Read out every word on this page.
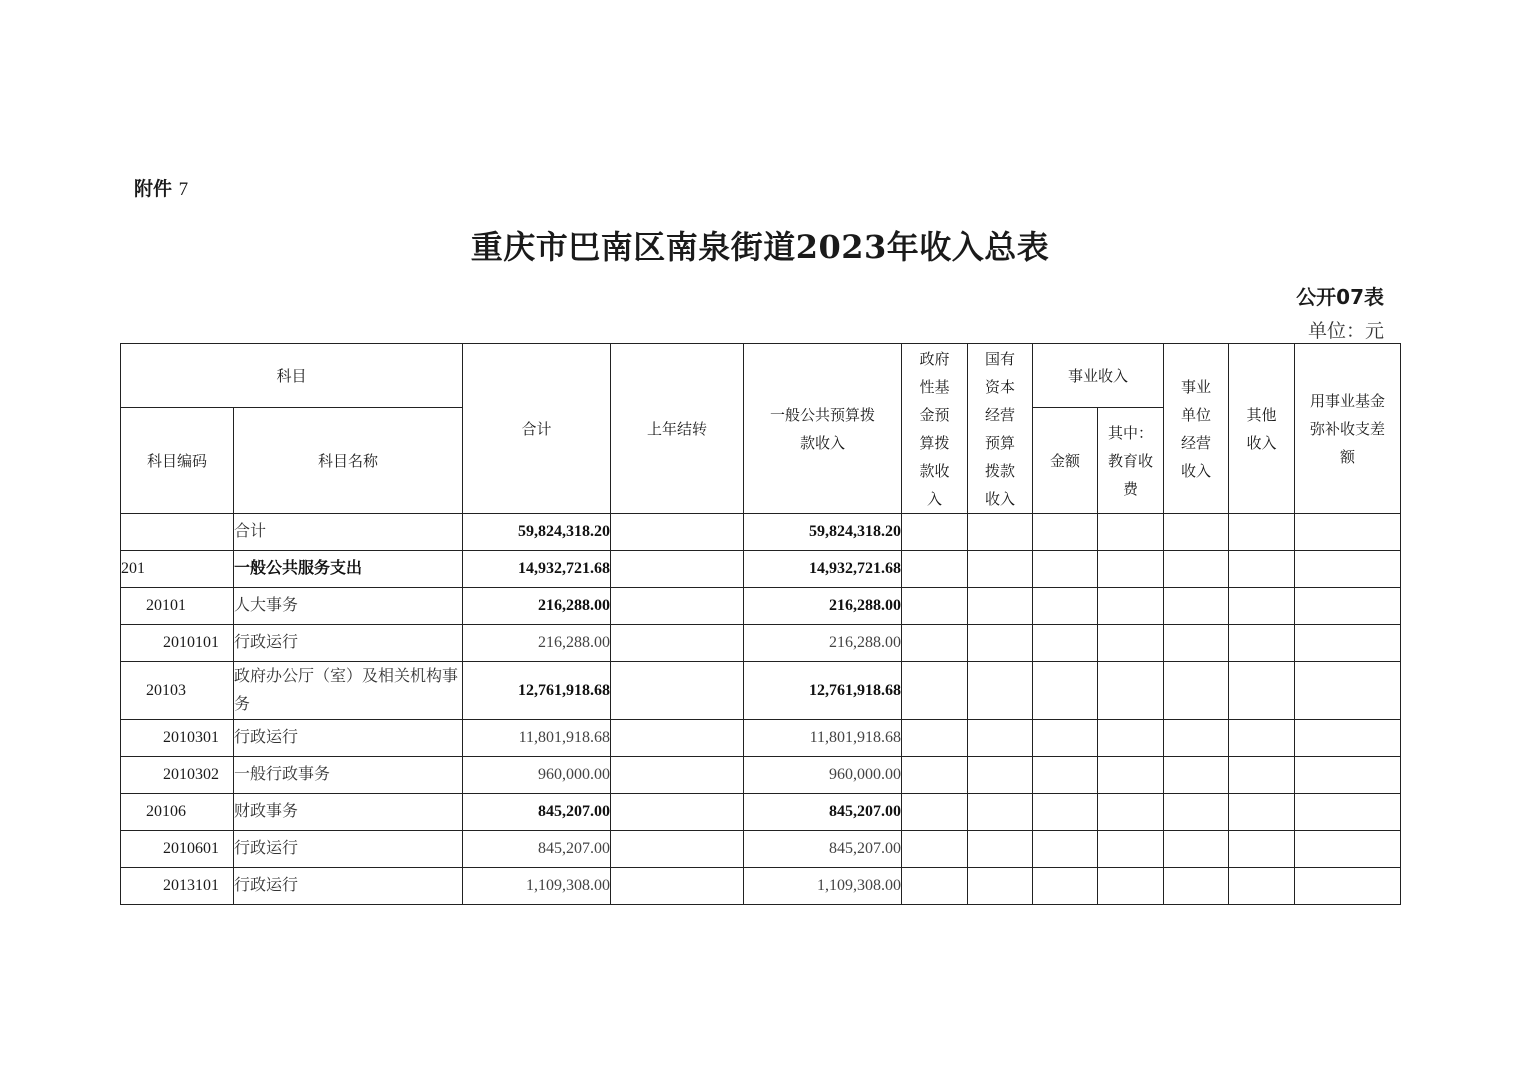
附件 7
重庆市巴南区南泉街道2023年收入总表
公开07表
单位：元
科目		合计	上年结转	一般公共预算拨款收入	政府性基金预算拨款收入	国有资本经营预算拨款收入	事业收入		事业单位经营收入	其他收入	用事业基金弥补收支差额
科目编码	科目名称						金额	其中：教育收费			
	合计	59,824,318.20		59,824,318.20							
201	一般公共服务支出	14,932,721.68		14,932,721.68							
20101	人大事务	216,288.00		216,288.00							
2010101	行政运行	216,288.00		216,288.00							
20103	政府办公厅（室）及相关机构事务	12,761,918.68		12,761,918.68							
2010301	行政运行	11,801,918.68		11,801,918.68							
2010302	一般行政事务	960,000.00		960,000.00							
20106	财政事务	845,207.00		845,207.00							
2010601	行政运行	845,207.00		845,207.00							
2013101	行政运行	1,109,308.00		1,109,308.00							
